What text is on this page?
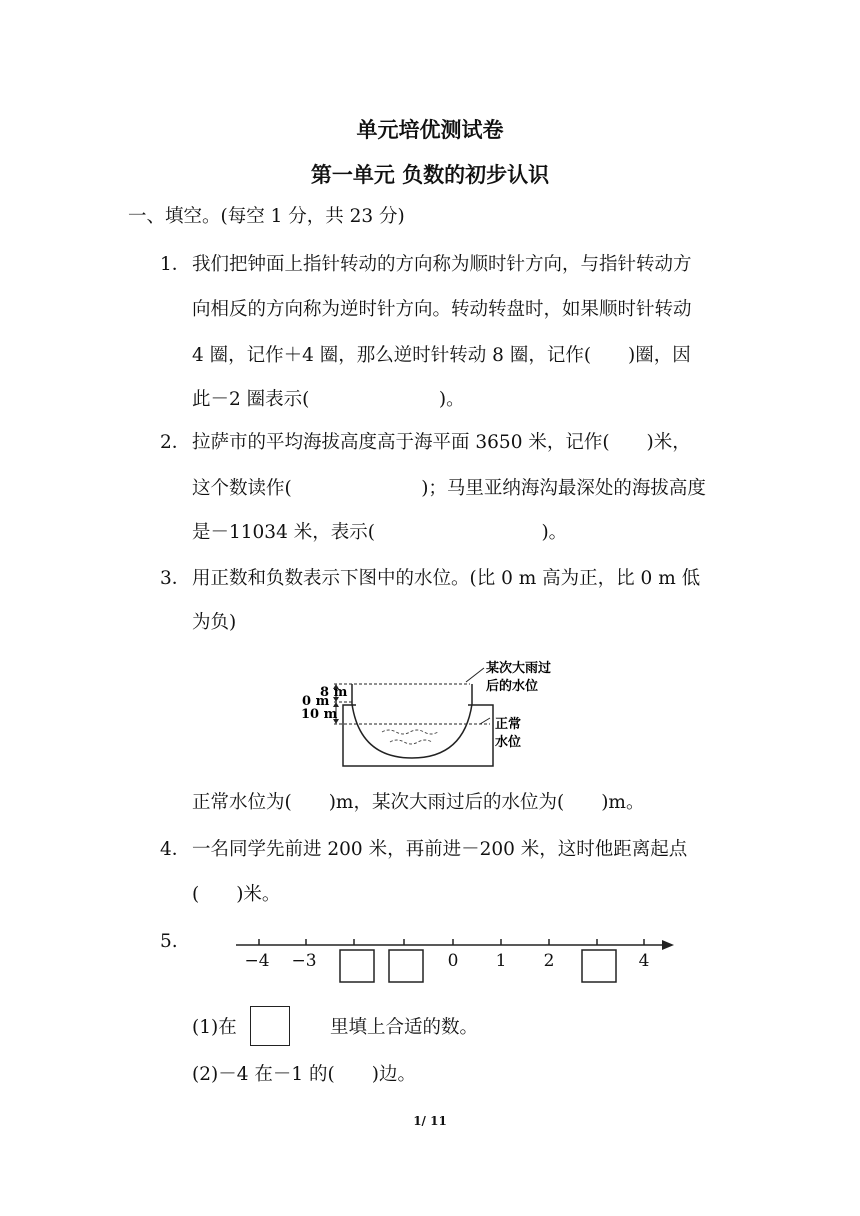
单元培优测试卷
第一单元 负数的初步认识
一、填空。(每空 1 分，共 23 分)
1． 我们把钟面上指针转动的方向称为顺时针方向，与指针转动方
向相反的方向称为逆时针方向。转动转盘时，如果顺时针转动
4 圈，记作＋4 圈，那么逆时针转动 8 圈，记作(　　)圈，因
此－2 圈表示(　　　　　　　)。
2． 拉萨市的平均海拔高度高于海平面 3650 米，记作(　　)米，
这个数读作(　　　　　　　)；马里亚纳海沟最深处的海拔高度
是－11034 米，表示(　　　　　　　　　)。
3． 用正数和负数表示下图中的水位。(比 0 m 高为正，比 0 m 低
为负)
8 m
0 m
10 m
某次大雨过
后的水位
正常
水位
正常水位为(　　)m，某次大雨过后的水位为(　　)m。
4． 一名同学先前进 200 米，再前进－200 米，这时他距离起点
(　　)米。
5.
−4 −3	0 1 2	4
(1)在	里填上合适的数。
(2)－4 在－1 的(　　)边。
1/ 11
